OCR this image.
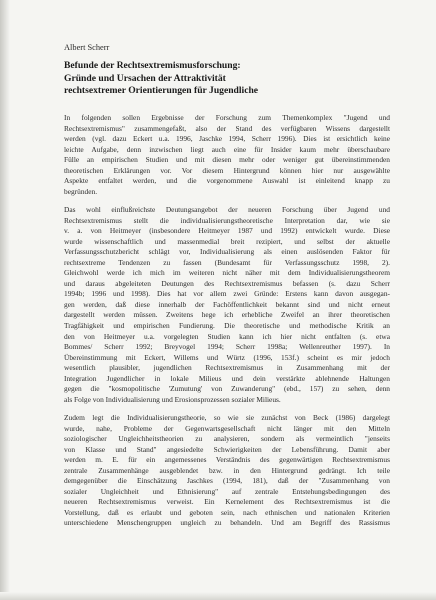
Albert Scherr
Befunde der Rechtsextremismusforschung:
Gründe und Ursachen der Attraktivität
rechtsextremer Orientierungen für Jugendliche
In folgenden sollen Ergebnisse der Forschung zum Themenkomplex "Jugend und
Rechtsextremismus" zusammengefaßt, also der Stand des verfügbaren Wissens dargestellt
werden (vgl. dazu Eckert u.a. 1996, Jaschke 1994, Scherr 1996). Dies ist ersichtlich keine
leichte Aufgabe, denn inzwischen liegt auch eine für Insider kaum mehr überschaubare
Fülle an empirischen Studien und mit diesen mehr oder weniger gut übereinstimmenden
theoretischen Erklärungen vor. Vor diesem Hintergrund können hier nur ausgewählte
Aspekte entfaltet werden, und die vorgenommene Auswahl ist einleitend knapp zu
begründen.
Das wohl einflußreichste Deutungsangebot der neueren Forschung über Jugend und
Rechtsextremismus stellt die individualisierungstheoretische Interpretation dar, wie sie
v. a. von Heitmeyer (insbesondere Heitmeyer 1987 und 1992) entwickelt wurde. Diese
wurde wissenschaftlich und massenmedial breit rezipiert, und selbst der aktuelle
Verfassungsschutzbericht schlägt vor, Individualisierung als einen auslösenden Faktor für
rechtsextreme Tendenzen zu fassen (Bundesamt für Verfassungsschutz 1998, 2).
Gleichwohl werde ich mich im weiteren nicht näher mit dem Individualisierungstheorem
und daraus abgeleiteten Deutungen des Rechtsextremismus befassen (s. dazu Scherr
1994b; 1996 und 1998). Dies hat vor allem zwei Gründe: Erstens kann davon ausgegan-
gen werden, daß diese innerhalb der Fachöffentlichkeit bekannt sind und nicht erneut
dargestellt werden müssen. Zweitens hege ich erhebliche Zweifel an ihrer theoretischen
Tragfähigkeit und empirischen Fundierung. Die theoretische und methodische Kritik an
den von Heitmeyer u.a. vorgelegten Studien kann ich hier nicht entfalten (s. etwa
Bommes/ Scherr 1992; Breyvogel 1994; Scherr 1998a; Wellenreuther 1997). In
Übereinstimmung mit Eckert, Willems und Würtz (1996, 153f.) scheint es mir jedoch
wesentlich plausibler, jugendlichen Rechtsextremismus in Zusammenhang mit der
Integration Jugendlicher in lokale Milieus und dein verstärkte ablehnende Haltungen
gegen die "kosmopolitische 'Zumutung' von Zuwanderung" (ebd., 157) zu sehen, denn
als Folge von Individualisierung und Erosionsprozessen sozialer Milieus.
Zudem legt die Individualisierungstheorie, so wie sie zunächst von Beck (1986) dargelegt
wurde, nahe, Probleme der Gegenwartsgesellschaft nicht länger mit den Mitteln
soziologischer Ungleichheitstheorien zu analysieren, sondern als vermeintlich "jenseits
von Klasse und Stand" angesiedelte Schwierigkeiten der Lebensführung. Damit aber
werden m. E. für ein angemessenes Verständnis des gegenwärtigen Rechtsextremismus
zentrale Zusammenhänge ausgeblendet bzw. in den Hintergrund gedrängt. Ich teile
demgegenüber die Einschätzung Jaschkes (1994, 181), daß der "Zusammenhang von
sozialer Ungleichheit und Ethnisierung" auf zentrale Entstehungsbedingungen des
neueren Rechtsextremismus verweist. Ein Kernelement des Rechtsextremismus ist die
Vorstellung, daß es erlaubt und geboten sein, nach ethnischen und nationalen Kriterien
unterschiedene Menschengruppen ungleich zu behandeln. Und am Begriff des Rassismus
